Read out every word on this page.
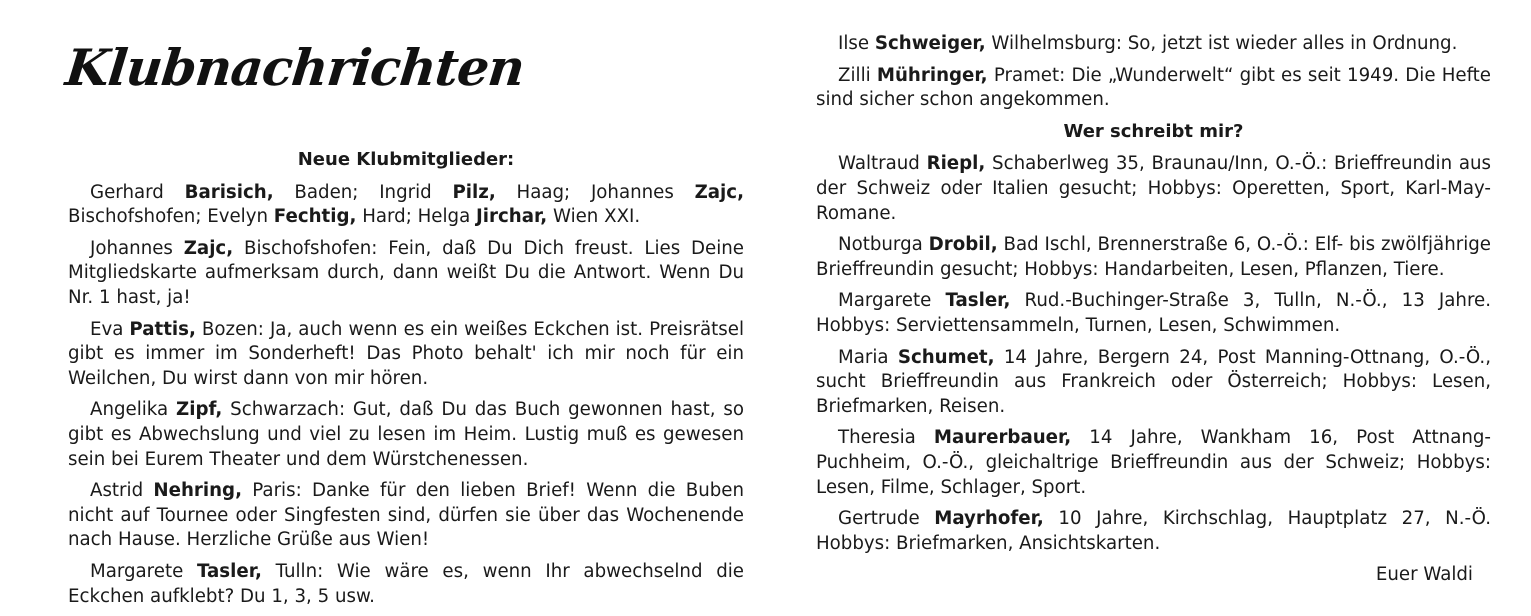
Klubnachrichten
Neue Klubmitglieder:

Gerhard Barisich, Baden; Ingrid Pilz, Haag; Johannes Zajc, Bischofshofen; Evelyn Fechtig, Hard; Helga Jirchar, Wien XXI.

Johannes Zajc, Bischofshofen: Fein, daß Du Dich freust. Lies Deine Mitgliedskarte aufmerksam durch, dann weißt Du die Antwort. Wenn Du Nr. 1 hast, ja!

Eva Pattis, Bozen: Ja, auch wenn es ein weißes Eckchen ist. Preisrätsel gibt es immer im Sonderheft! Das Photo behalt' ich mir noch für ein Weilchen, Du wirst dann von mir hören.

Angelika Zipf, Schwarzach: Gut, daß Du das Buch gewonnen hast, so gibt es Abwechslung und viel zu lesen im Heim. Lustig muß es gewesen sein bei Eurem Theater und dem Würstchenessen.

Astrid Nehring, Paris: Danke für den lieben Brief! Wenn die Buben nicht auf Tournee oder Singfesten sind, dürfen sie über das Wochenende nach Hause. Herzliche Grüße aus Wien!

Margarete Tasler, Tulln: Wie wäre es, wenn Ihr abwechselnd die Eckchen aufklebt? Du 1, 3, 5 usw.

Ilse Schweiger, Wilhelmsburg: So, jetzt ist wieder alles in Ordnung.

Zilli Mühringer, Pramet: Die „Wunderwelt“ gibt es seit 1949. Die Hefte sind sicher schon angekommen.

Wer schreibt mir?

Waltraud Riepl, Schaberlweg 35, Braunau/Inn, O.-Ö.: Brieffreundin aus der Schweiz oder Italien gesucht; Hobbys: Operetten, Sport, Karl-May-Romane.

Notburga Drobil, Bad Ischl, Brennerstraße 6, O.-Ö.: Elf- bis zwölfjährige Brieffreundin gesucht; Hobbys: Handarbeiten, Lesen, Pflanzen, Tiere.

Margarete Tasler, Rud.-Buchinger-Straße 3, Tulln, N.-Ö., 13 Jahre. Hobbys: Serviettensammeln, Turnen, Lesen, Schwimmen.

Maria Schumet, 14 Jahre, Bergern 24, Post Manning-Ottnang, O.-Ö., sucht Brieffreundin aus Frankreich oder Österreich; Hobbys: Lesen, Briefmarken, Reisen.

Theresia Maurerbauer, 14 Jahre, Wankham 16, Post Attnang-Puchheim, O.-Ö., gleichaltrige Brieffreundin aus der Schweiz; Hobbys: Lesen, Filme, Schlager, Sport.

Gertrude Mayrhofer, 10 Jahre, Kirchschlag, Hauptplatz 27, N.-Ö. Hobbys: Briefmarken, Ansichtskarten.

Euer Waldi
